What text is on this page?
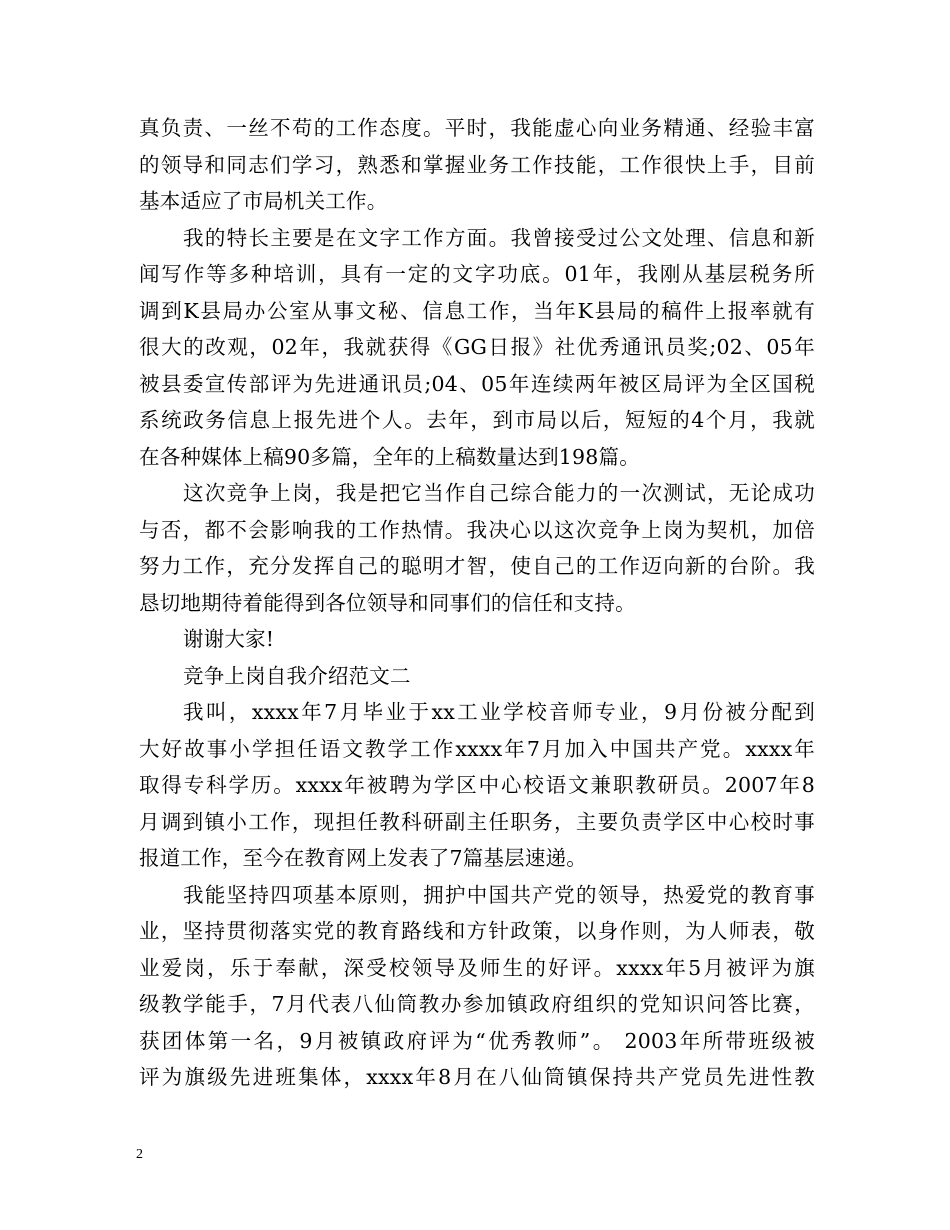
真负责、一丝不苟的工作态度。平时，我能虚心向业务精通、经验丰富
的领导和同志们学习，熟悉和掌握业务工作技能，工作很快上手，目前
基本适应了市局机关工作。
我的特长主要是在文字工作方面。我曾接受过公文处理、信息和新
闻写作等多种培训，具有一定的文字功底。01年，我刚从基层税务所
调到K县局办公室从事文秘、信息工作，当年K县局的稿件上报率就有
很大的改观，02年，我就获得《GG日报》社优秀通讯员奖;02、05年
被县委宣传部评为先进通讯员;04、05年连续两年被区局评为全区国税
系统政务信息上报先进个人。去年，到市局以后，短短的4个月，我就
在各种媒体上稿90多篇，全年的上稿数量达到198篇。
这次竞争上岗，我是把它当作自己综合能力的一次测试，无论成功
与否，都不会影响我的工作热情。我决心以这次竞争上岗为契机，加倍
努力工作，充分发挥自己的聪明才智，使自己的工作迈向新的台阶。我
恳切地期待着能得到各位领导和同事们的信任和支持。
谢谢大家!
竞争上岗自我介绍范文二
我叫，xxxx年7月毕业于xx工业学校音师专业，9月份被分配到
大好故事小学担任语文教学工作xxxx年7月加入中国共产党。xxxx年
取得专科学历。xxxx年被聘为学区中心校语文兼职教研员。2007年8
月调到镇小工作，现担任教科研副主任职务，主要负责学区中心校时事
报道工作，至今在教育网上发表了7篇基层速递。
我能坚持四项基本原则，拥护中国共产党的领导，热爱党的教育事
业，坚持贯彻落实党的教育路线和方针政策，以身作则，为人师表，敬
业爱岗，乐于奉献，深受校领导及师生的好评。xxxx年5月被评为旗
级教学能手，7月代表八仙筒教办参加镇政府组织的党知识问答比赛，
获团体第一名，9月被镇政府评为“优秀教师”。 2003年所带班级被
评为旗级先进班集体，xxxx年8月在八仙筒镇保持共产党员先进性教
2
